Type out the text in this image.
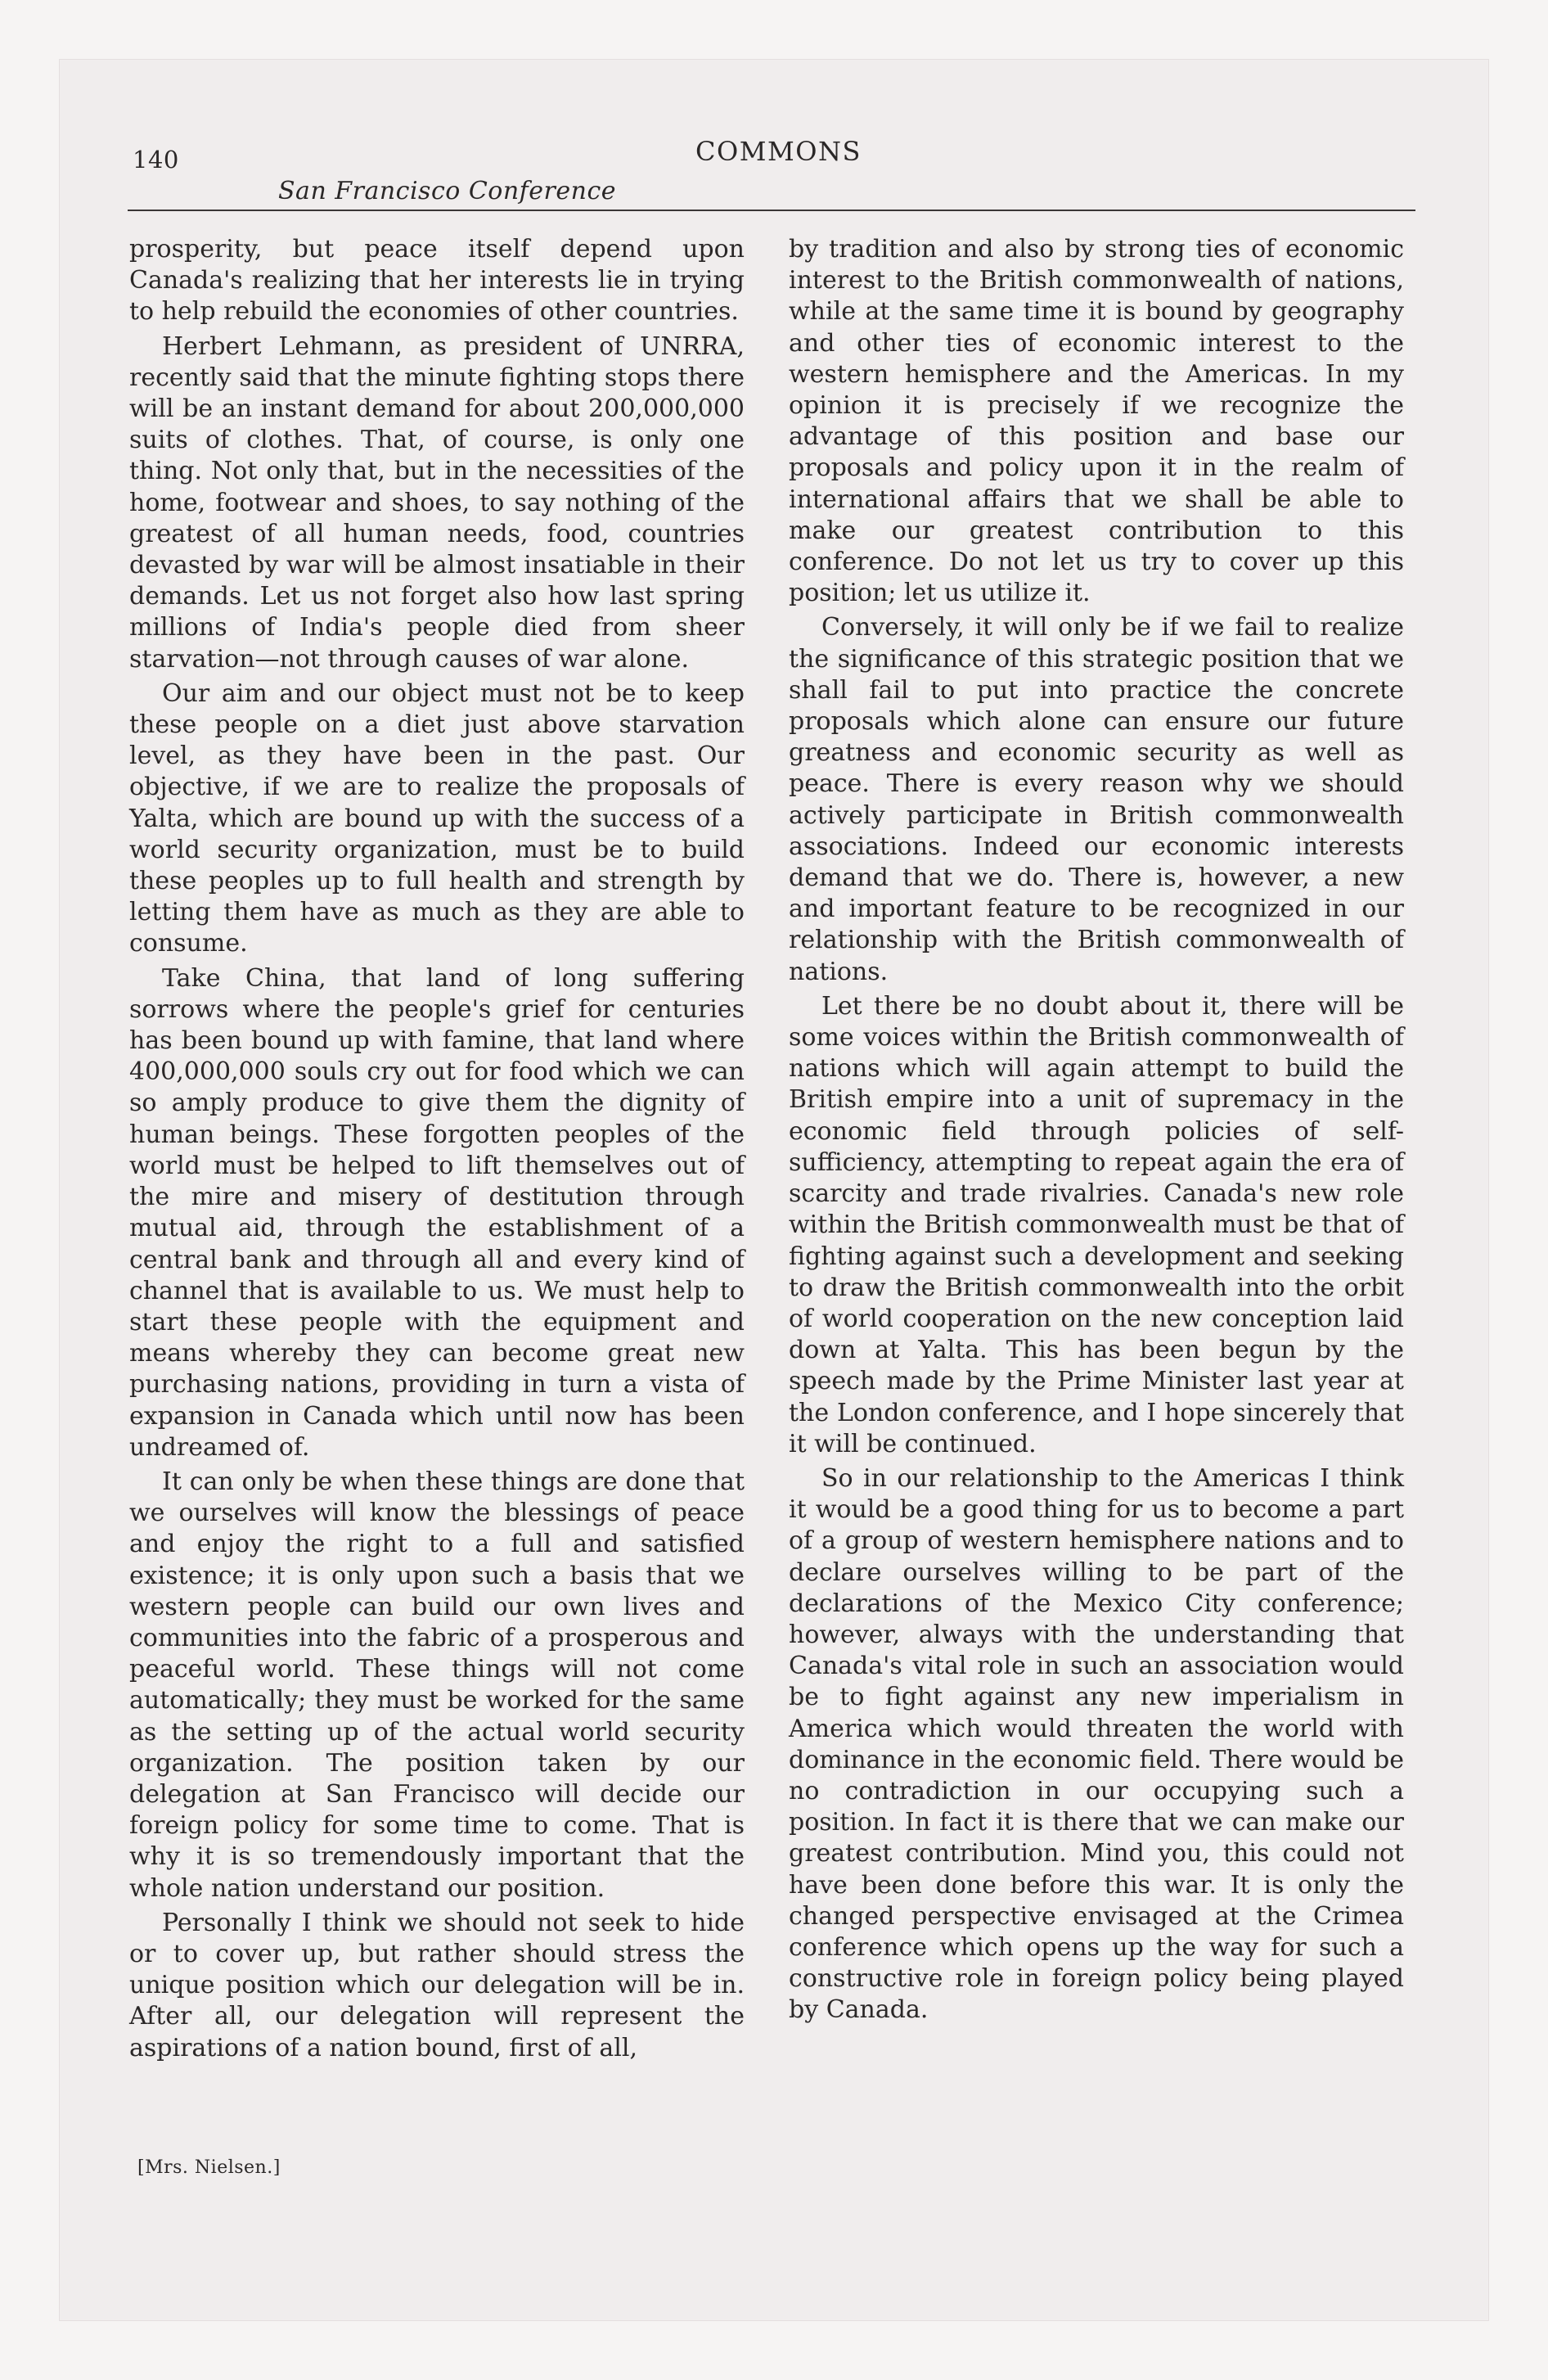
140
San Francisco Conference
COMMONS

prosperity, but peace itself depend upon Canada's realizing that her interests lie in trying to help rebuild the economies of other countries.

Herbert Lehmann, as president of UNRRA, recently said that the minute fighting stops there will be an instant demand for about 200,000,000 suits of clothes. That, of course, is only one thing. Not only that, but in the necessities of the home, footwear and shoes, to say nothing of the greatest of all human needs, food, countries devasted by war will be almost insatiable in their demands. Let us not forget also how last spring millions of India's people died from sheer starvation—not through causes of war alone.

Our aim and our object must not be to keep these people on a diet just above starvation level, as they have been in the past. Our objective, if we are to realize the proposals of Yalta, which are bound up with the success of a world security organization, must be to build these peoples up to full health and strength by letting them have as much as they are able to consume.

Take China, that land of long suffering sorrows where the people's grief for centuries has been bound up with famine, that land where 400,000,000 souls cry out for food which we can so amply produce to give them the dignity of human beings. These forgotten peoples of the world must be helped to lift themselves out of the mire and misery of destitution through mutual aid, through the establishment of a central bank and through all and every kind of channel that is available to us. We must help to start these people with the equipment and means whereby they can become great new purchasing nations, providing in turn a vista of expansion in Canada which until now has been undreamed of.

It can only be when these things are done that we ourselves will know the blessings of peace and enjoy the right to a full and satisfied existence; it is only upon such a basis that we western people can build our own lives and communities into the fabric of a prosperous and peaceful world. These things will not come automatically; they must be worked for the same as the setting up of the actual world security organization. The position taken by our delegation at San Francisco will decide our foreign policy for some time to come. That is why it is so tremendously important that the whole nation understand our position.

Personally I think we should not seek to hide or to cover up, but rather should stress the unique position which our delegation will be in. After all, our delegation will represent the aspirations of a nation bound, first of all,

by tradition and also by strong ties of economic interest to the British commonwealth of nations, while at the same time it is bound by geography and other ties of economic interest to the western hemisphere and the Americas. In my opinion it is precisely if we recognize the advantage of this position and base our proposals and policy upon it in the realm of international affairs that we shall be able to make our greatest contribution to this conference. Do not let us try to cover up this position; let us utilize it.

Conversely, it will only be if we fail to realize the significance of this strategic position that we shall fail to put into practice the concrete proposals which alone can ensure our future greatness and economic security as well as peace. There is every reason why we should actively participate in British commonwealth associations. Indeed our economic interests demand that we do. There is, however, a new and important feature to be recognized in our relationship with the British commonwealth of nations.

Let there be no doubt about it, there will be some voices within the British commonwealth of nations which will again attempt to build the British empire into a unit of supremacy in the economic field through policies of self-sufficiency, attempting to repeat again the era of scarcity and trade rivalries. Canada's new role within the British commonwealth must be that of fighting against such a development and seeking to draw the British commonwealth into the orbit of world cooperation on the new conception laid down at Yalta. This has been begun by the speech made by the Prime Minister last year at the London conference, and I hope sincerely that it will be continued.

So in our relationship to the Americas I think it would be a good thing for us to become a part of a group of western hemisphere nations and to declare ourselves willing to be part of the declarations of the Mexico City conference; however, always with the understanding that Canada's vital role in such an association would be to fight against any new imperialism in America which would threaten the world with dominance in the economic field. There would be no contradiction in our occupying such a position. In fact it is there that we can make our greatest contribution. Mind you, this could not have been done before this war. It is only the changed perspective envisaged at the Crimea conference which opens up the way for such a constructive role in foreign policy being played by Canada.

[Mrs. Nielsen.]
